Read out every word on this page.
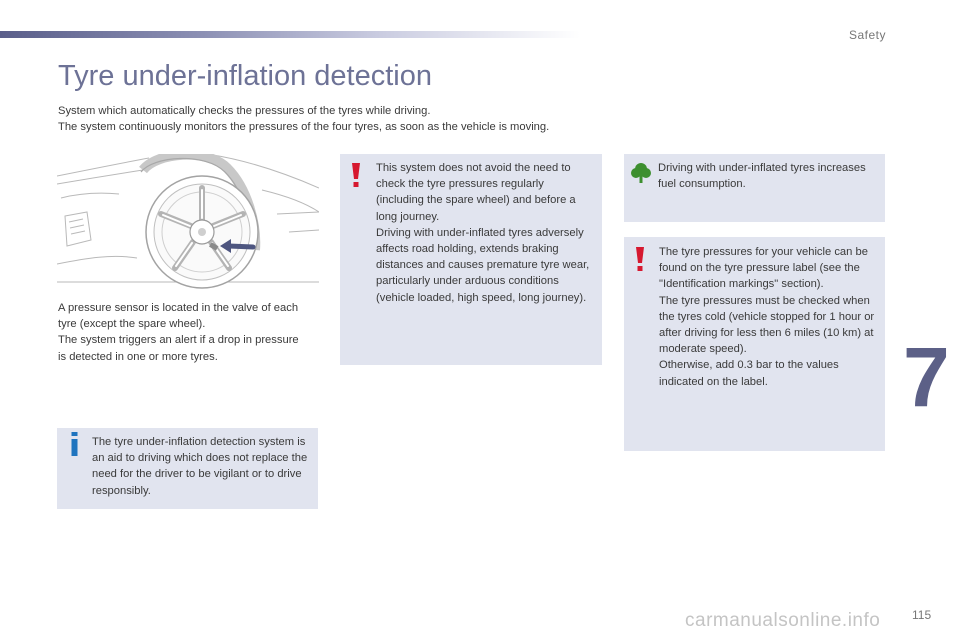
Safety
Tyre under-inflation detection

System which automatically checks the pressures of the tyres while driving.

The system continuously monitors the pressures of the four tyres, as soon as the vehicle is moving.

A pressure sensor is located in the valve of each tyre (except the spare wheel).

The system triggers an alert if a drop in pressure is detected in one or more tyres.

The tyre under-inflation detection system is an aid to driving which does not replace the need for the driver to be vigilant or to drive responsibly.

This system does not avoid the need to check the tyre pressures regularly (including the spare wheel) and before a long journey.

Driving with under-inflated tyres adversely affects road holding, extends braking distances and causes premature tyre wear, particularly under arduous conditions (vehicle loaded, high speed, long journey).

Driving with under-inflated tyres increases fuel consumption.

The tyre pressures for your vehicle can be found on the tyre pressure label (see the "Identification markings" section).

The tyre pressures must be checked when the tyres cold (vehicle stopped for 1 hour or after driving for less then 6 miles (10 km) at moderate speed).

Otherwise, add 0.3 bar to the values indicated on the label.	7
115
carmanualsonline.info
